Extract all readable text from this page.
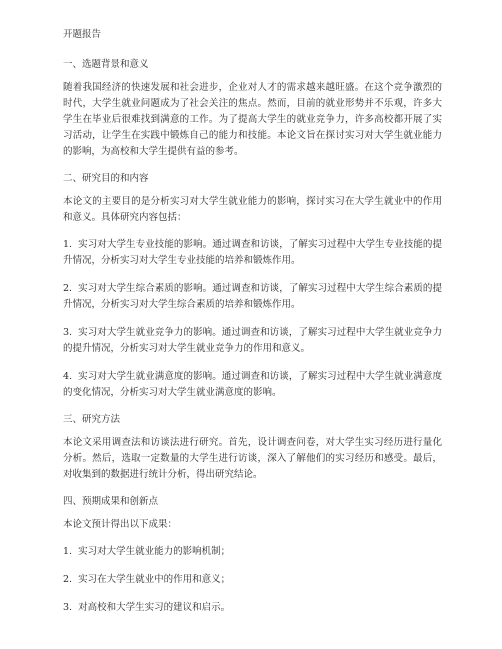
开题报告
一、选题背景和意义

随着我国经济的快速发展和社会进步，企业对人才的需求越来越旺盛。在这个竞争激烈的时代，大学生就业问题成为了社会关注的焦点。然而，目前的就业形势并不乐观，许多大学生在毕业后很难找到满意的工作。为了提高大学生的就业竞争力，许多高校都开展了实习活动，让学生在实践中锻炼自己的能力和技能。本论文旨在探讨实习对大学生就业能力的影响，为高校和大学生提供有益的参考。

二、研究目的和内容

本论文的主要目的是分析实习对大学生就业能力的影响，探讨实习在大学生就业中的作用和意义。具体研究内容包括：

1. 实习对大学生专业技能的影响。通过调查和访谈，了解实习过程中大学生专业技能的提升情况，分析实习对大学生专业技能的培养和锻炼作用。
2. 实习对大学生综合素质的影响。通过调查和访谈，了解实习过程中大学生综合素质的提升情况，分析实习对大学生综合素质的培养和锻炼作用。
3. 实习对大学生就业竞争力的影响。通过调查和访谈，了解实习过程中大学生就业竞争力的提升情况，分析实习对大学生就业竞争力的作用和意义。
4. 实习对大学生就业满意度的影响。通过调查和访谈，了解实习过程中大学生就业满意度的变化情况，分析实习对大学生就业满意度的影响。
三、研究方法

本论文采用调查法和访谈法进行研究。首先，设计调查问卷，对大学生实习经历进行量化分析。然后，选取一定数量的大学生进行访谈，深入了解他们的实习经历和感受。最后，对收集到的数据进行统计分析，得出研究结论。

四、预期成果和创新点

本论文预计得出以下成果：

1. 实习对大学生就业能力的影响机制；
2. 实习在大学生就业中的作用和意义；
3. 对高校和大学生实习的建议和启示。
